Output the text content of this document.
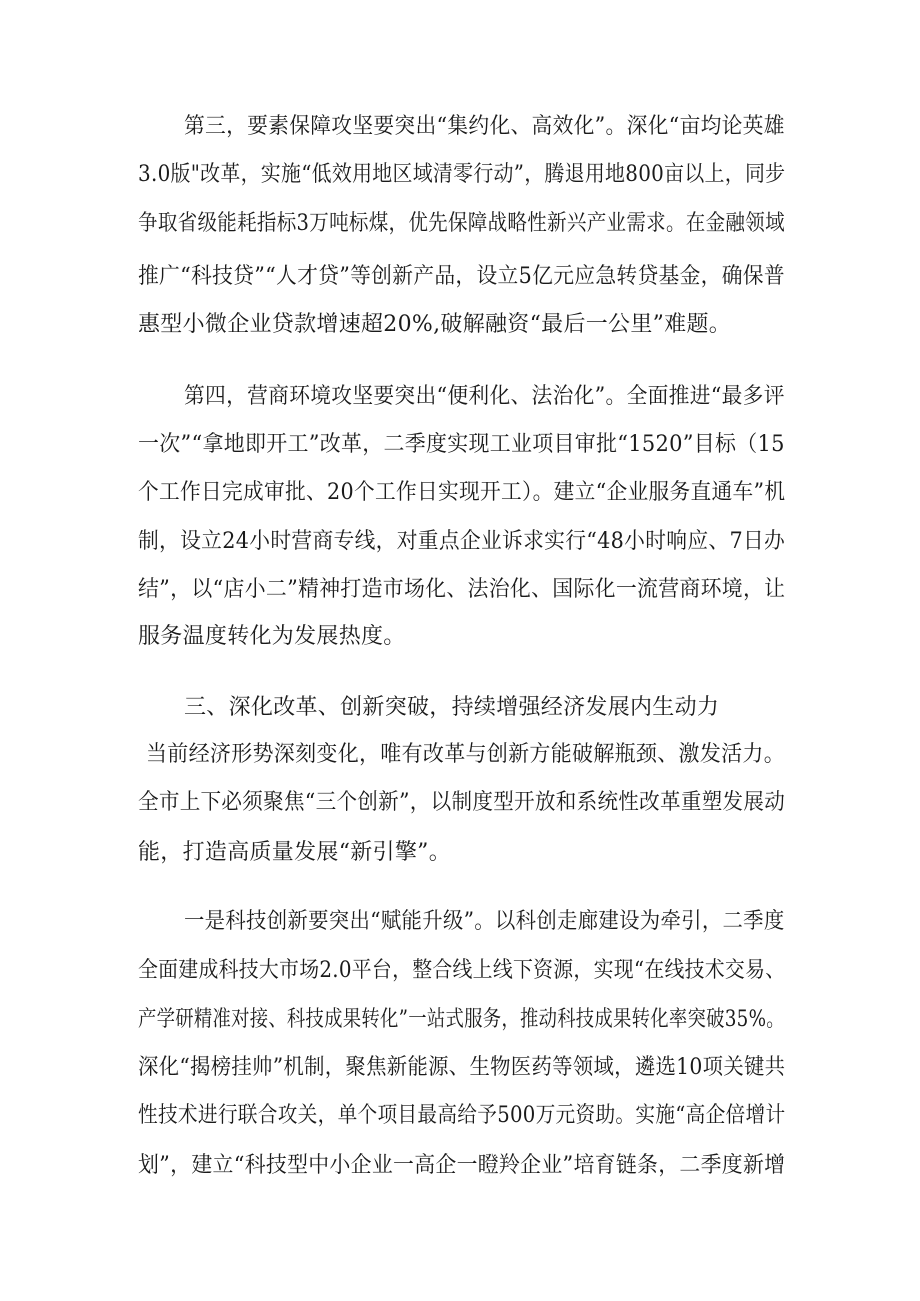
第三，要素保障攻坚要突出“集约化、高效化”。深化“亩均论英雄
3.0版"改革，实施“低效用地区域清零行动”，腾退用地800亩以上，同步
争取省级能耗指标3万吨标煤，优先保障战略性新兴产业需求。在金融领域
推广“科技贷”“人才贷”等创新产品，设立5亿元应急转贷基金，确保普
惠型小微企业贷款增速超20%,破解融资“最后一公里”难题。
第四，营商环境攻坚要突出“便利化、法治化”。全面推进“最多评
一次”“拿地即开工”改革，二季度实现工业项目审批“1520”目标（15
个工作日完成审批、20个工作日实现开工）。建立“企业服务直通车”机
制，设立24小时营商专线，对重点企业诉求实行“48小时响应、7日办
结”，以“店小二”精神打造市场化、法治化、国际化一流营商环境，让
服务温度转化为发展热度。
三、深化改革、创新突破，持续增强经济发展内生动力
当前经济形势深刻变化，唯有改革与创新方能破解瓶颈、激发活力。
全市上下必须聚焦“三个创新”，以制度型开放和系统性改革重塑发展动
能，打造高质量发展“新引擎”。
一是科技创新要突出“赋能升级”。以科创走廊建设为牵引，二季度
全面建成科技大市场2.0平台，整合线上线下资源，实现“在线技术交易、
产学研精准对接、科技成果转化”一站式服务，推动科技成果转化率突破35%。
深化“揭榜挂帅”机制，聚焦新能源、生物医药等领域，遴选10项关键共
性技术进行联合攻关，单个项目最高给予500万元资助。实施“高企倍增计
划”，建立“科技型中小企业一高企一瞪羚企业”培育链条，二季度新增
